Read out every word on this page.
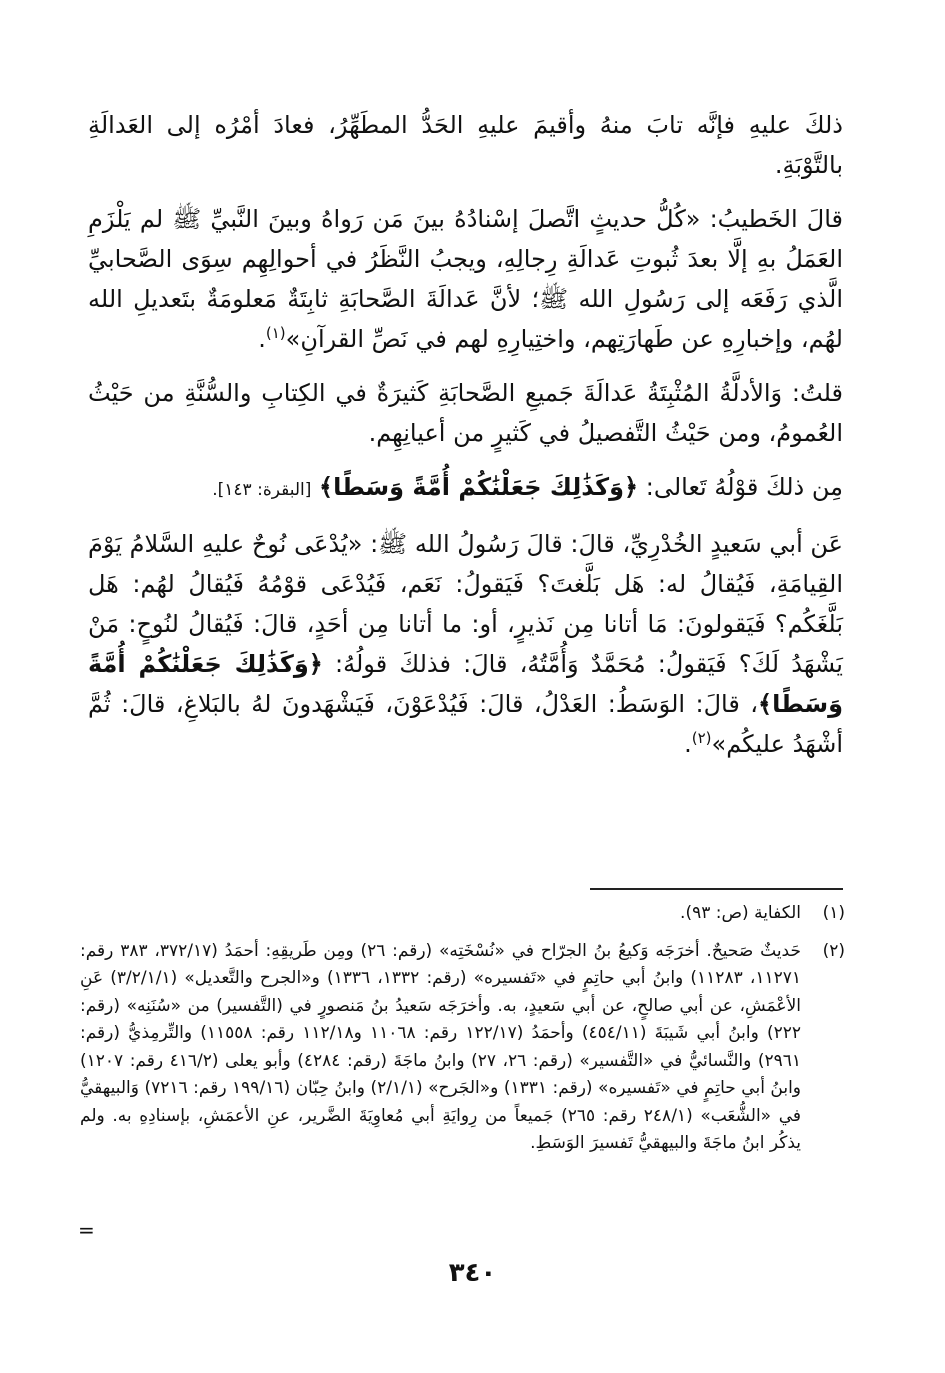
ذلكَ عليهِ فإنَّه تابَ منهُ وأقيمَ عليهِ الحَدُّ المطَهِّرُ، فعادَ أمْرُه إلى العَدالَةِ بالتَّوْبَةِ.

قالَ الخَطيبُ: «كُلُّ حديثٍ اتَّصلَ إسْنادُهُ بينَ مَن رَواهُ وبينَ النَّبيِّ ﷺ لم يَلْزَمِ العَمَلُ بهِ إلَّا بعدَ ثُبوتِ عَدالَةِ رِجالِهِ، ويجبُ النَّظَرُ في أحوالِهِم سِوَى الصَّحابيِّ الَّذي رَفَعَه إلى رَسُولِ الله ﷺ؛ لأنَّ عَدالَةَ الصَّحابَةِ ثابِتَةٌ مَعلومَةٌ بتَعديلِ الله لهُم، وإخبارِهِ عن طَهارَتِهم، واختِيارِهِ لهم في نَصِّ القرآنِ»$^{(١)}$.

قلتُ: وَالأدلَّةُ المُثْبِتَةُ عَدالَةَ جَميعِ الصَّحابَةِ كَثيرَةٌ في الكِتابِ والسُّنَّةِ من حَيْثُ العُمومُ، ومن حَيْثُ التَّفصيلُ في كَثيرٍ من أعيانِهِم.

مِن ذلكَ قوْلُهُ تَعالى: ﴿وَكَذَٰلِكَ جَعَلْنَٰكُمْ أُمَّةً وَسَطًا﴾ [البقرة: ١٤٣].

عَن أبي سَعيدٍ الخُدْرِيِّ، قالَ: قالَ رَسُولُ الله ﷺ: «يُدْعَى نُوحٌ عليهِ السَّلامُ يَوْمَ القِيامَةِ، فَيُقالُ له: هَل بَلَّغتَ؟ فَيَقولُ: نَعَم، فَيُدْعَى قوْمُهُ فَيُقالُ لهُم: هَل بَلَّغَكُم؟ فَيَقولونَ: مَا أتانا مِن نَذيرٍ، أو: ما أتانا مِن أحَدٍ، قالَ: فَيُقالُ لنُوحٍ: مَنْ يَشْهَدُ لَكَ؟ فَيَقولُ: مُحَمَّدٌ وَأُمَّتُهُ، قالَ: فذلكَ قولُهُ: ﴿وَكَذَٰلِكَ جَعَلْنَٰكُمْ أُمَّةً وَسَطًا﴾، قالَ: الوَسَطُ: العَدْلُ، قالَ: فَيُدْعَوْنَ، فَيَشْهَدونَ لهُ بالبَلاغِ، قالَ: ثُمَّ أشْهَدُ عليكُم»$^{(٢)}$.

(١)
الكفاية (ص: ٩٣).
(٢)
حَديثٌ صَحيحٌ. أخرَجَه وَكيعُ بنُ الجرّاح في «نُسْخَتِه» (رقم: ٢٦) ومِن طَريقِهِ: أحمَدُ (٣٧٢/١٧، ٣٨٣ رقم: ١١٢٧١، ١١٢٨٣) وابنُ أبي حاتِمٍ في «تَفسيره» (رقم: ١٣٣٢، ١٣٣٦) و«الجرح والتَّعديل» (٣/٢/١/١) عَنِ الأعْمَشِ، عن أبي صالحٍ، عن أبي سَعيدٍ، به. وأخرَجَه سَعيدُ بنُ مَنصورٍ في (التَّفسير) من «سُنَنِه» (رقم: ٢٢٢) وابنُ أبي شَيبَةَ (٤٥٤/١١) وأحمَدُ (١٢٢/١٧ رقم: ١١٠٦٨ و١١٢/١٨ رقم: ١١٥٥٨) والتِّرمِذيُّ (رقم: ٢٩٦١) والنَّسائيُّ في «التَّفسير» (رقم: ٢٦، ٢٧) وابنُ ماجَةَ (رقم: ٤٢٨٤) وأبو يعلى (٤١٦/٢ رقم: ١٢٠٧) وابنُ أبي حاتِمٍ في «تَفسيره» (رقم: ١٣٣١) و«الجَرح» (٢/١/١) وابنُ حِبّان (١٩٩/١٦ رقم: ٧٢١٦) وَالبيهقيُّ في «الشُّعَب» (٢٤٨/١ رقم: ٢٦٥) جَميعاً من رِوايَةِ أبي مُعاوِيَةَ الضَّرير، عنِ الأعمَشِ، بإسنادِهِ به. ولم يذكُر ابنُ ماجَةَ والبيهقيُّ تَفسيرَ الوَسَطِ.
=
٣٤٠
